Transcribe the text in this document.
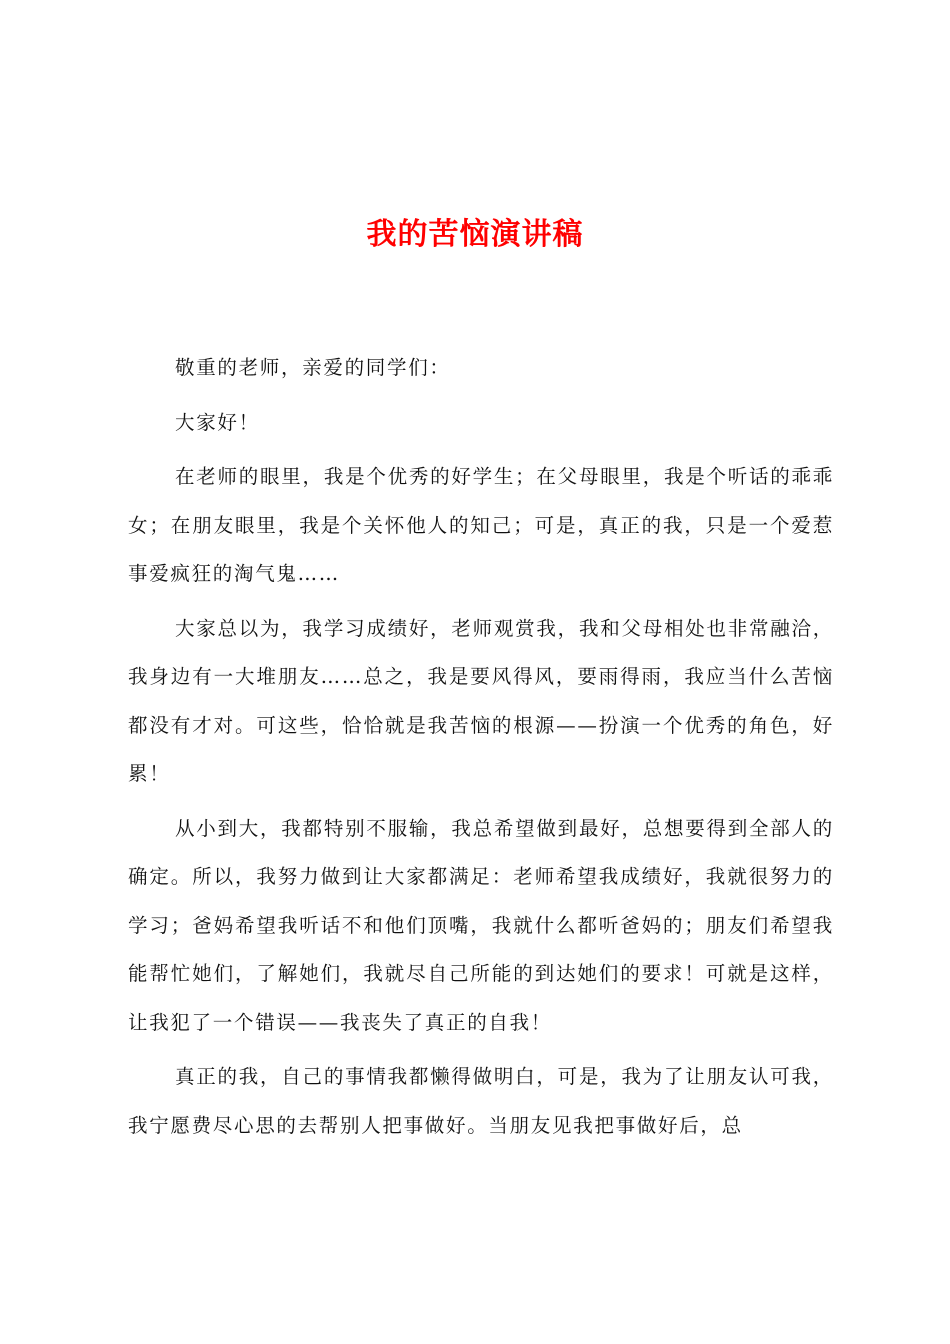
我的苦恼演讲稿

敬重的老师，亲爱的同学们：

大家好！

在老师的眼里，我是个优秀的好学生；在父母眼里，我是个听话的乖乖女；在朋友眼里，我是个关怀他人的知己；可是，真正的我，只是一个爱惹事爱疯狂的淘气鬼……

大家总以为，我学习成绩好，老师观赏我，我和父母相处也非常融洽，我身边有一大堆朋友……总之，我是要风得风，要雨得雨，我应当什么苦恼都没有才对。可这些，恰恰就是我苦恼的根源——扮演一个优秀的角色，好累！

从小到大，我都特别不服输，我总希望做到最好，总想要得到全部人的确定。所以，我努力做到让大家都满足：老师希望我成绩好，我就很努力的学习；爸妈希望我听话不和他们顶嘴，我就什么都听爸妈的；朋友们希望我能帮忙她们，了解她们，我就尽自己所能的到达她们的要求！可就是这样，让我犯了一个错误——我丧失了真正的自我！

真正的我，自己的事情我都懒得做明白，可是，我为了让朋友认可我，我宁愿费尽心思的去帮别人把事做好。当朋友见我把事做好后，总
